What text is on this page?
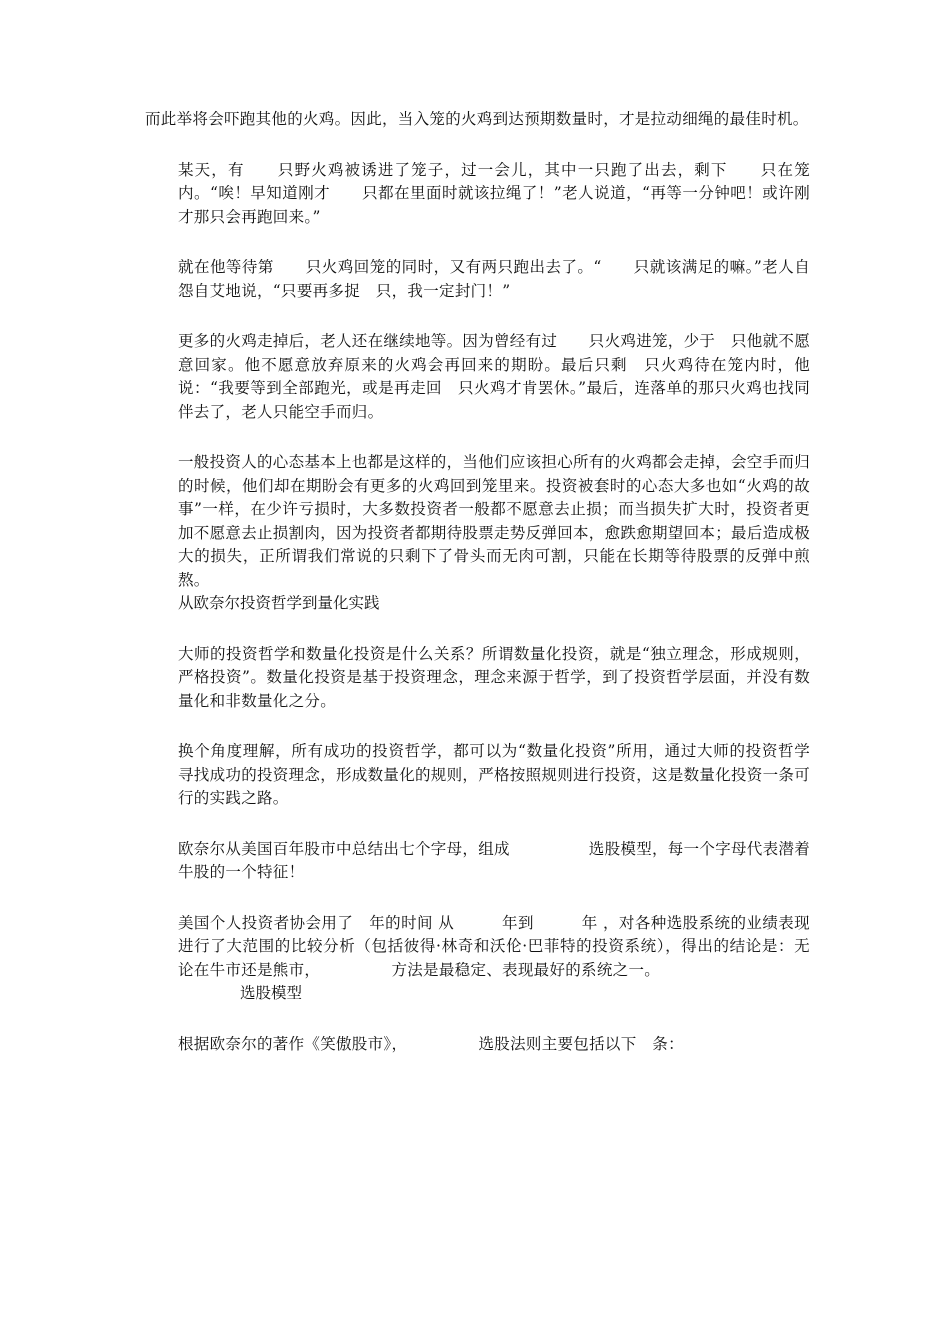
而此举将会吓跑其他的火鸡。因此，当入笼的火鸡到达预期数量时，才是拉动细绳的最佳时机。

某天，有　　只野火鸡被诱进了笼子，过一会儿，其中一只跑了出去，剩下　　只在笼内。“唉！早知道刚才　　只都在里面时就该拉绳了！”老人说道，“再等一分钟吧！或许刚才那只会再跑回来。”

就在他等待第　　只火鸡回笼的同时，又有两只跑出去了。“　　只就该满足的嘛。”老人自怨自艾地说，“只要再多捉　只，我一定封门！”

更多的火鸡走掉后，老人还在继续地等。因为曾经有过　　只火鸡进笼，少于　只他就不愿意回家。他不愿意放弃原来的火鸡会再回来的期盼。最后只剩　只火鸡待在笼内时，他说：“我要等到全部跑光，或是再走回　只火鸡才肯罢休。”最后，连落单的那只火鸡也找同伴去了，老人只能空手而归。

一般投资人的心态基本上也都是这样的，当他们应该担心所有的火鸡都会走掉，会空手而归的时候，他们却在期盼会有更多的火鸡回到笼里来。投资被套时的心态大多也如“火鸡的故事”一样，在少许亏损时，大多数投资者一般都不愿意去止损；而当损失扩大时，投资者更加不愿意去止损割肉，因为投资者都期待股票走势反弹回本，愈跌愈期望回本；最后造成极大的损失，正所谓我们常说的只剩下了骨头而无肉可割，只能在长期等待股票的反弹中煎熬。

从欧奈尔投资哲学到量化实践

大师的投资哲学和数量化投资是什么关系？所谓数量化投资，就是“独立理念，形成规则，严格投资”。数量化投资是基于投资理念，理念来源于哲学，到了投资哲学层面，并没有数量化和非数量化之分。

换个角度理解，所有成功的投资哲学，都可以为“数量化投资”所用，通过大师的投资哲学寻找成功的投资理念，形成数量化的规则，严格按照规则进行投资，这是数量化投资一条可行的实践之路。

欧奈尔从美国百年股市中总结出七个字母，组成　　　　　选股模型，每一个字母代表潜着牛股的一个特征！

美国个人投资者协会用了　年的时间 从　　　年到　　　年 ，对各种选股系统的业绩表现进行了大范围的比较分析（包括彼得·林奇和沃伦·巴菲特的投资系统），得出的结论是：无论在牛市还是熊市，　　　　　方法是最稳定、表现最好的系统之一。

选股模型

根据欧奈尔的著作《笑傲股市》，　　　　　选股法则主要包括以下　条：
